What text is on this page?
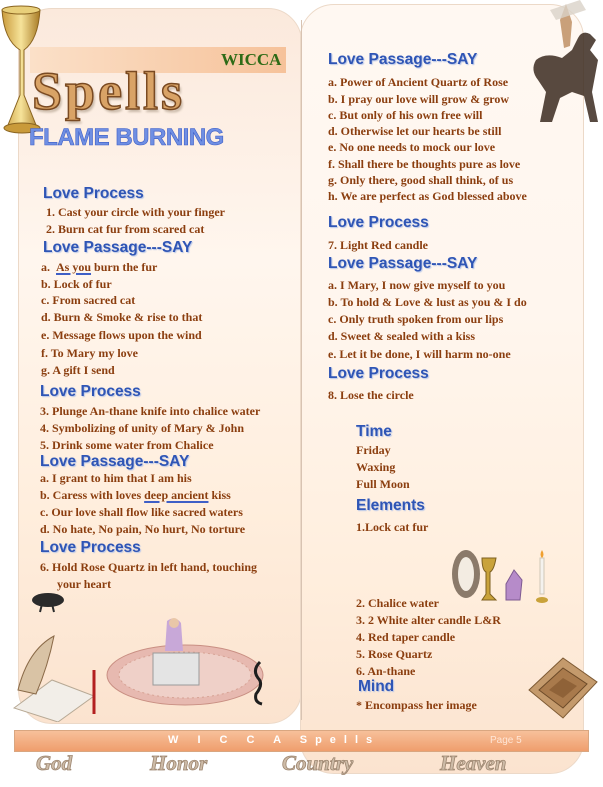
WICCA
Spells
FLAME BURNING
Love Process
1. Cast your circle with your finger
2. Burn cat fur from scared cat
Love Passage---SAY
a. As you burn the fur
b. Lock of fur
c. From sacred cat
d. Burn & Smoke & rise to that
e. Message flows upon the wind
f. To Mary my love
g. A gift I send
Love Process
3. Plunge An-thane knife into chalice water
4. Symbolizing of unity of Mary & John
5. Drink some water from Chalice
Love Passage---SAY
a. I grant to him that I am his
b. Caress with loves deep ancient kiss
c. Our love shall flow like sacred waters
d. No hate, No pain, No hurt, No torture
Love Process
6. Hold Rose Quartz in left hand, touching
your heart
Love Passage---SAY
a. Power of Ancient Quartz of Rose
b. I pray our love will grow & grow
c. But only of his own free will
d. Otherwise let our hearts be still
e. No one needs to mock our love
f. Shall there be thoughts pure as love
g. Only there, good shall think, of us
h. We are perfect as God blessed above
Love Process
7. Light Red candle
Love Passage---SAY
a. I Mary, I now give myself to you
b. To hold & Love & lust as you & I do
c. Only truth spoken from our lips
d. Sweet & sealed with a kiss
e. Let it be done, I will harm no-one
Love Process
8. Lose the circle
Time
Friday
Waxing
Full Moon
Elements
1.Lock cat fur
2. Chalice water
3. 2 White alter candle L&R
4. Red taper candle
5. Rose Quartz
6. An-thane
Mind
* Encompass her image
W I C C A Spells	Page 5
God	Honor	Country	Heaven
